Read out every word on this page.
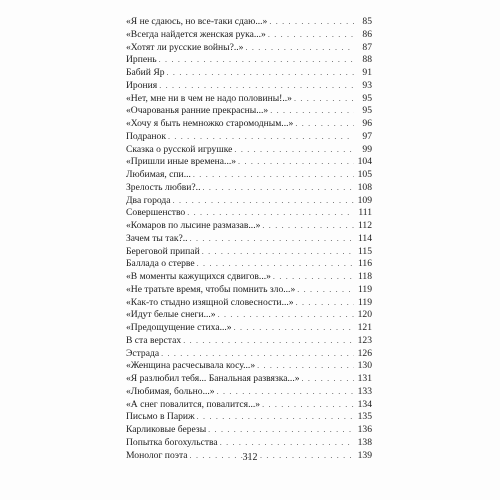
«Я не сдаюсь, но все-таки сдаю...» . . .	85
«Всегда найдется женская рука...» . . .	86
«Хотят ли русские войны?..» . . .	87
Ирпень . . .	88
Бабий Яр . . .	91
Ирония . . .	93
«Нет, мне ни в чем не надо половины!..» . . .	95
«Очарованья ранние прекрасны...» . . .	95
«Хочу я быть немножко старомодным...» . . .	96
Подранок . . .	97
Сказка о русской игрушке . . .	99
«Пришли иные времена...» . . .	104
Любимая, спи... . . .	105
Зрелость любви?.. . . .	108
Два города . . .	109
Совершенство . . .	111
«Комаров по лысине размазав...» . . .	112
Зачем ты так?.. . . .	114
Береговой припай . . .	115
Баллада о стерве . . .	116
«В моменты кажущихся сдвигов...» . . .	118
«Не тратьте время, чтобы помнить зло...» . . .	119
«Как-то стыдно изящной словесности...» . . .	119
«Идут белые снеги...» . . .	120
«Предощущение стиха...» . . .	121
В ста верстах . . .	123
Эстрада . . .	126
«Женщина расчесывала косу...» . . .	130
«Я разлюбил тебя... Банальная развязка...» . . .	131
«Любимая, больно...» . . .	133
«А снег повалится, повалится...» . . .	134
Письмо в Париж . . .	135
Карликовые березы . . .	136
Попытка богохульства . . .	138
Монолог поэта . . .	139
312
